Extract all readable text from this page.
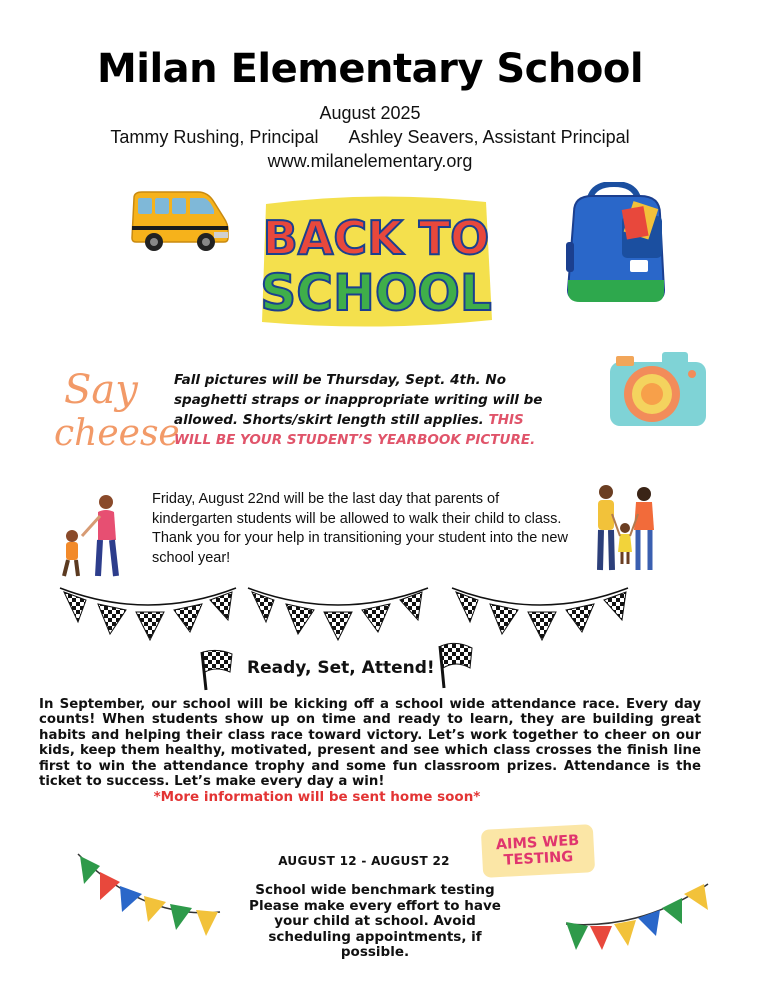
Milan Elementary School
August 2025
Tammy Rushing, Principal Ashley Seavers, Assistant Principal
www.milanelementary.org
BACK TO
SCHOOL
Say
cheese
Fall pictures will be Thursday, Sept. 4th. No spaghetti straps or inappropriate writing will be allowed. Shorts/skirt length still applies. THIS WILL BE YOUR STUDENT’S YEARBOOK PICTURE.
Friday, August 22nd will be the last day that parents of kindergarten students will be allowed to walk their child to class. Thank you for your help in transitioning your student into the new school year!
Ready, Set, Attend!
In September, our school will be kicking off a school wide attendance race. Every day counts! When students show up on time and ready to learn, they are building great habits and helping their class race toward victory. Let’s work together to cheer on our kids, keep them healthy, motivated, present and see which class crosses the finish line first to win the attendance trophy and some fun classroom prizes. Attendance is the ticket to success. Let’s make every day a win!
*More information will be sent home soon*
AIMS WEB
TESTING
AUGUST 12 - AUGUST 22
School wide benchmark testing Please make every effort to have your child at school. Avoid scheduling appointments, if possible.
